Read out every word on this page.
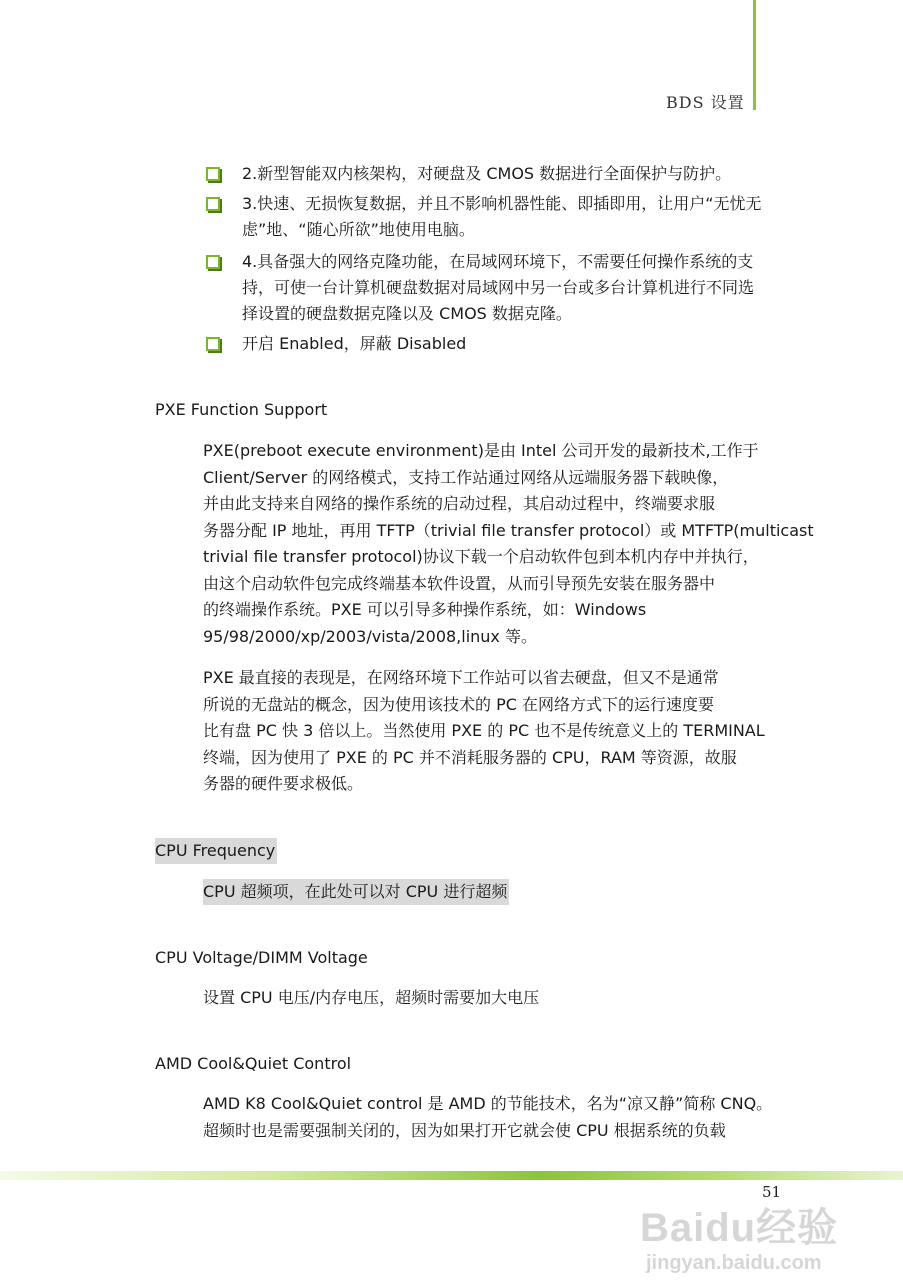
BDS 设置
2.新型智能双内核架构，对硬盘及 CMOS 数据进行全面保护与防护。
3.快速、无损恢复数据，并且不影响机器性能、即插即用，让用户“无忧无
虑”地、“随心所欲”地使用电脑。
4.具备强大的网络克隆功能，在局域网环境下，不需要任何操作系统的支
持，可使一台计算机硬盘数据对局域网中另一台或多台计算机进行不同选
择设置的硬盘数据克隆以及 CMOS 数据克隆。
开启 Enabled，屏蔽 Disabled
PXE Function Support
PXE(preboot execute environment)是由 Intel 公司开发的最新技术,工作于
Client/Server 的网络模式，支持工作站通过网络从远端服务器下载映像，
并由此支持来自网络的操作系统的启动过程，其启动过程中，终端要求服
务器分配 IP 地址，再用 TFTP（trivial file transfer protocol）或 MTFTP(multicast
trivial file transfer protocol)协议下载一个启动软件包到本机内存中并执行，
由这个启动软件包完成终端基本软件设置，从而引导预先安装在服务器中
的终端操作系统。PXE 可以引导多种操作系统，如：Windows
95/98/2000/xp/2003/vista/2008,linux 等。
PXE 最直接的表现是，在网络环境下工作站可以省去硬盘，但又不是通常
所说的无盘站的概念，因为使用该技术的 PC 在网络方式下的运行速度要
比有盘 PC 快 3 倍以上。当然使用 PXE 的 PC 也不是传统意义上的 TERMINAL
终端，因为使用了 PXE 的 PC 并不消耗服务器的 CPU，RAM 等资源，故服
务器的硬件要求极低。
CPU Frequency
CPU 超频项，在此处可以对 CPU 进行超频
CPU Voltage/DIMM Voltage
设置 CPU 电压/内存电压，超频时需要加大电压
AMD Cool&Quiet Control
AMD K8 Cool&Quiet control 是 AMD 的节能技术，名为“凉又静”简称 CNQ。
超频时也是需要强制关闭的，因为如果打开它就会使 CPU 根据系统的负载
51
Baidu经验
jingyan.baidu.com
